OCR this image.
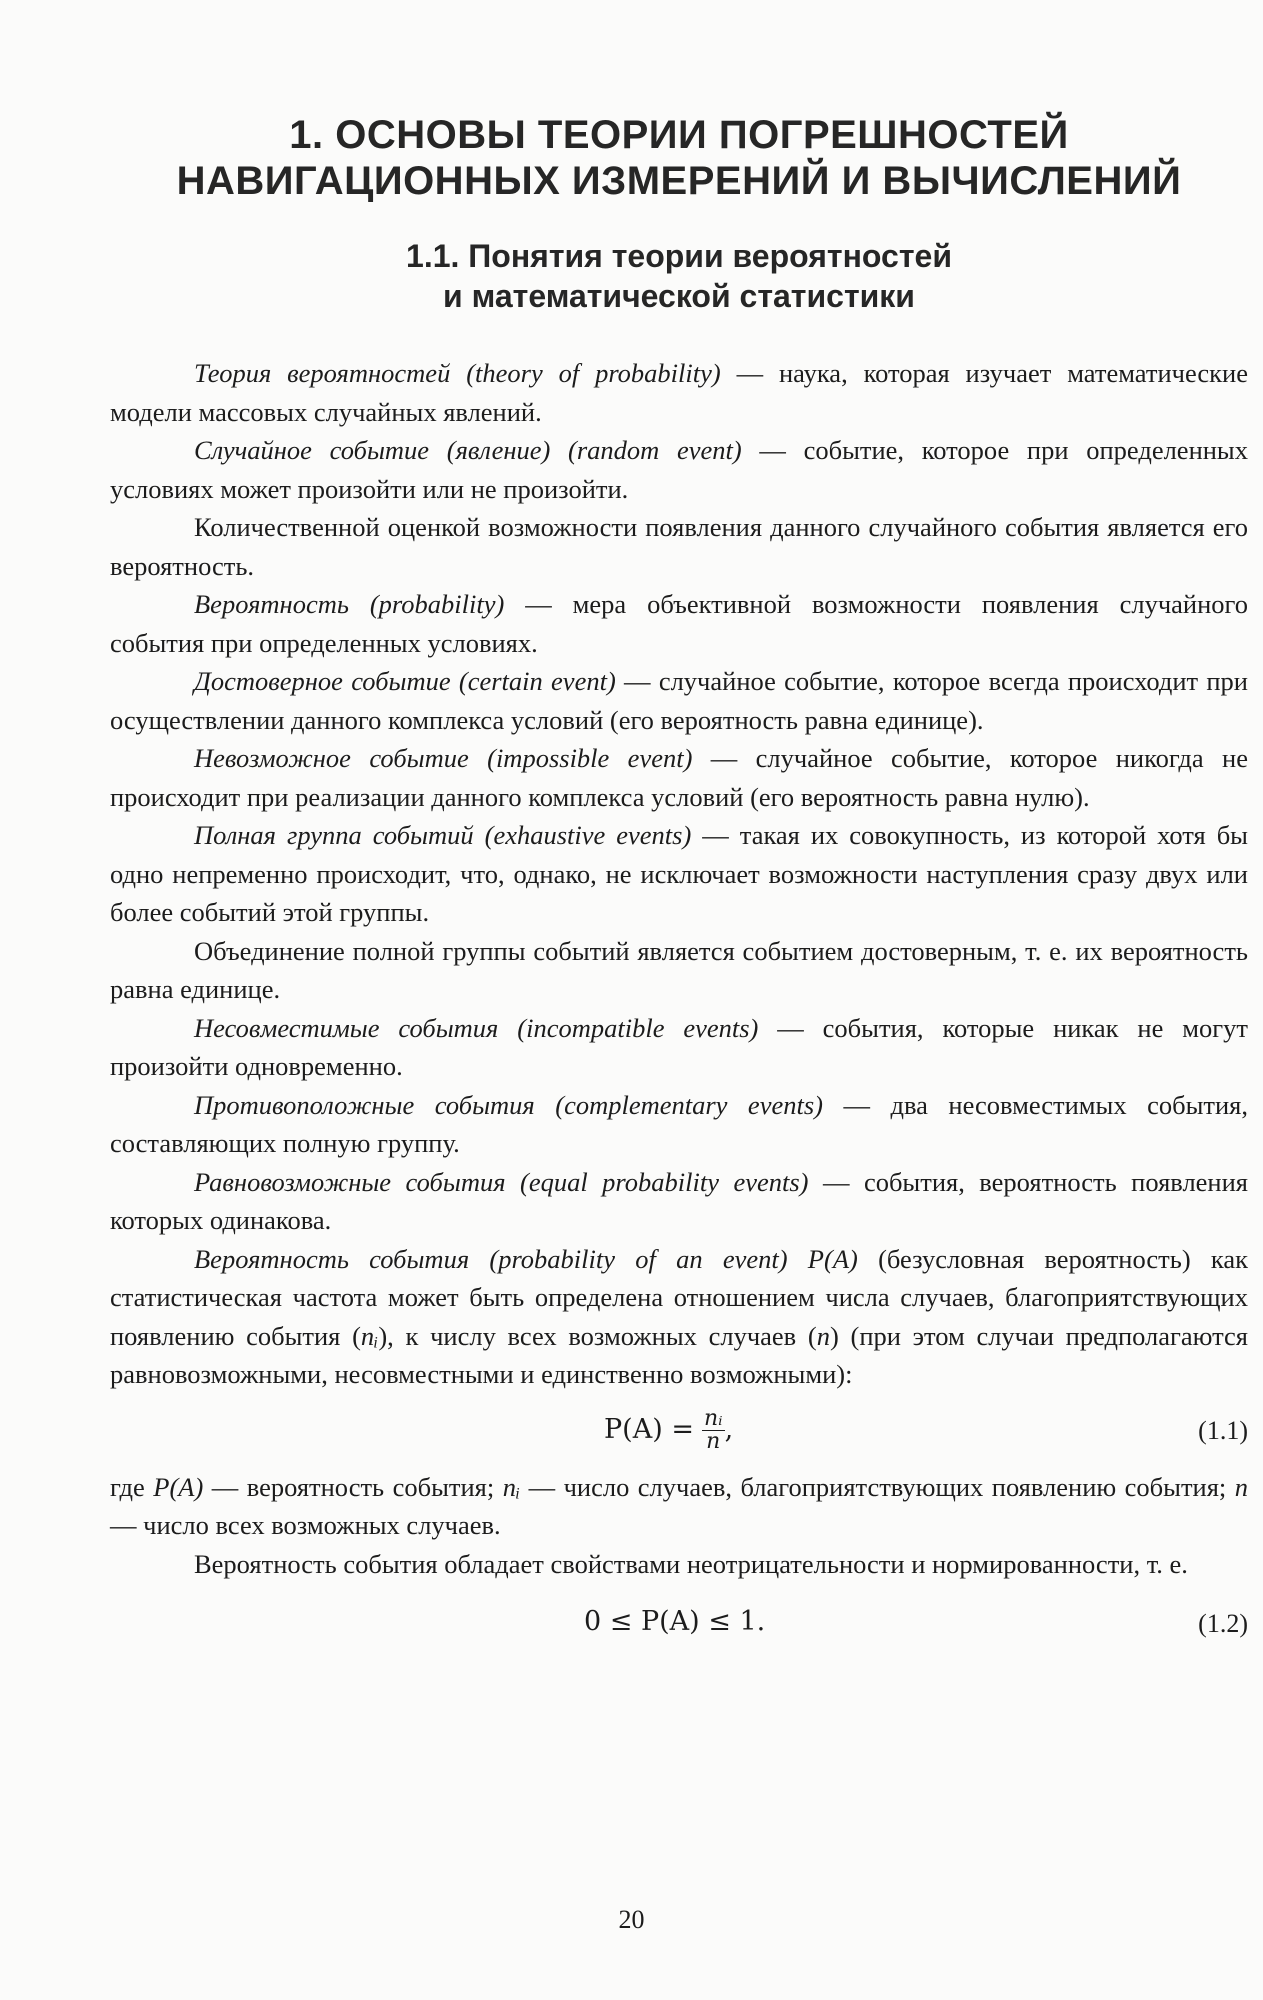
1. ОСНОВЫ ТЕОРИИ ПОГРЕШНОСТЕЙ
НАВИГАЦИОННЫХ ИЗМЕРЕНИЙ И ВЫЧИСЛЕНИЙ
1.1. Понятия теории вероятностей
и математической статистики

Теория вероятностей (theory of probability) — наука, которая изучает математические модели массовых случайных явлений.

Случайное событие (явление) (random event) — событие, которое при определенных условиях может произойти или не произойти.

Количественной оценкой возможности появления данного случайного события является его вероятность.

Вероятность (probability) — мера объективной возможности появления случайного события при определенных условиях.

Достоверное событие (certain event) — случайное событие, которое всегда происходит при осуществлении данного комплекса условий (его вероятность равна единице).

Невозможное событие (impossible event) — случайное событие, которое никогда не происходит при реализации данного комплекса условий (его вероятность равна нулю).

Полная группа событий (exhaustive events) — такая их совокупность, из которой хотя бы одно непременно происходит, что, однако, не исключает возможности наступления сразу двух или более событий этой группы.

Объединение полной группы событий является событием достоверным, т. е. их вероятность равна единице.

Несовместимые события (incompatible events) — события, которые никак не могут произойти одновременно.

Противоположные события (complementary events) — два несовместимых события, составляющих полную группу.

Равновозможные события (equal probability events) — события, вероятность появления которых одинакова.

Вероятность события (probability of an event) P(A) (безусловная вероятность) как статистическая частота может быть определена отношением числа случаев, благоприятствующих появлению события (nᵢ), к числу всех возможных случаев (n) (при этом случаи предполагаются равновозможными, несовместными и единственно возможными):

$P(A) = \frac{\text{nᵢ}}{n}$ ,	(1.1)

где P(A) — вероятность события; nᵢ — число случаев, благоприятствующих появлению события; n — число всех возможных случаев.

Вероятность события обладает свойствами неотрицательности и нормированности, т. е.

0 ≤ P(A) ≤ 1.	(1.2)
20
